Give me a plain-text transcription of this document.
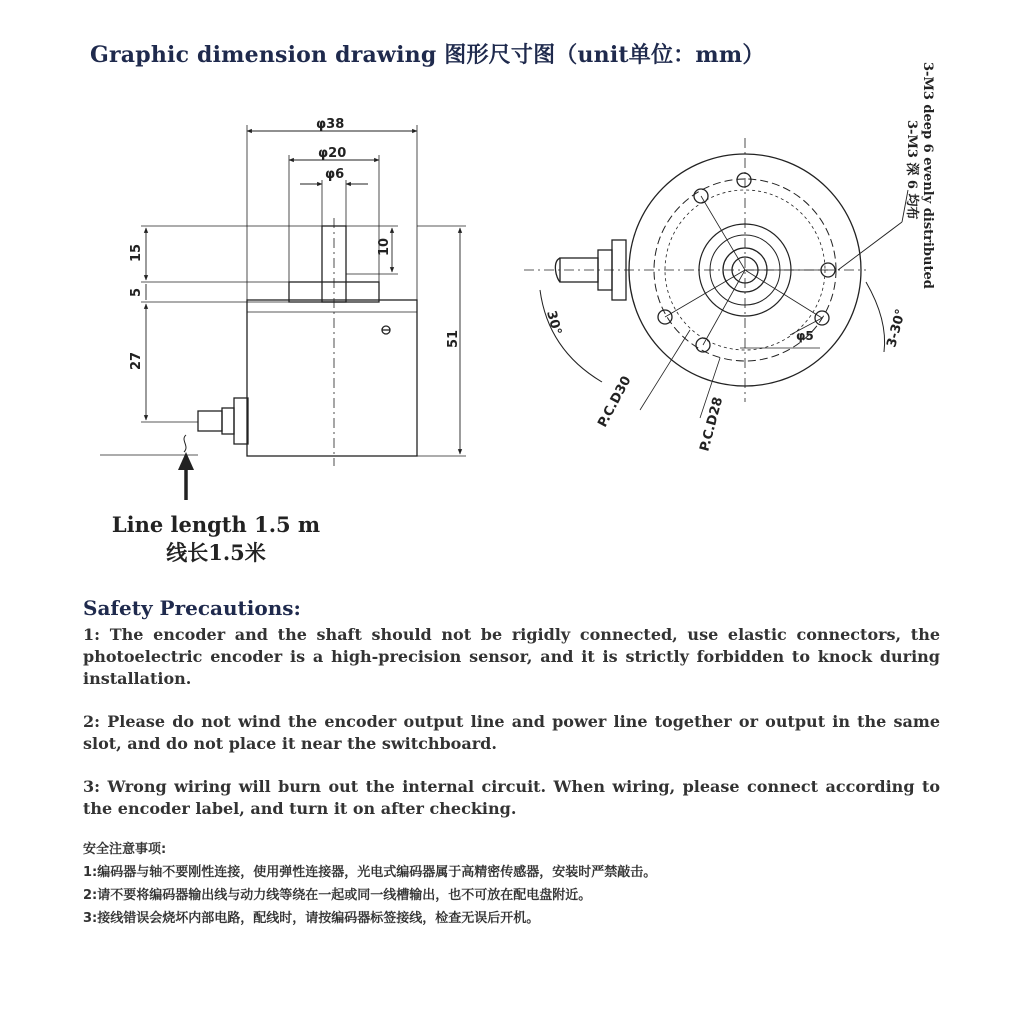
Graphic dimension drawing 图形尺寸图（unit单位：mm）
φ38
φ20
φ6
10
15
5
27
51
30°	3-30°
P.C.D30	P.C.D28
φ5
3-M3 deep 6 evenly distributed
3-M3 深 6 均布
Line length 1.5 m
线长1.5米
Safety Precautions:

1: The encoder and the shaft should not be rigidly connected, use elastic connectors, the photoelectric encoder is a high-precision sensor, and it is strictly forbidden to knock during installation.

2: Please do not wind the encoder output line and power line together or output in the same slot, and do not place it near the switchboard.

3: Wrong wiring will burn out the internal circuit. When wiring, please connect according to the encoder label, and turn it on after checking.

安全注意事项:
1:编码器与轴不要刚性连接，使用弹性连接器，光电式编码器属于高精密传感器，安装时严禁敲击。
2:请不要将编码器输出线与动力线等绕在一起或同一线槽输出，也不可放在配电盘附近。
3:接线错误会烧坏内部电路，配线时，请按编码器标签接线，检查无误后开机。
